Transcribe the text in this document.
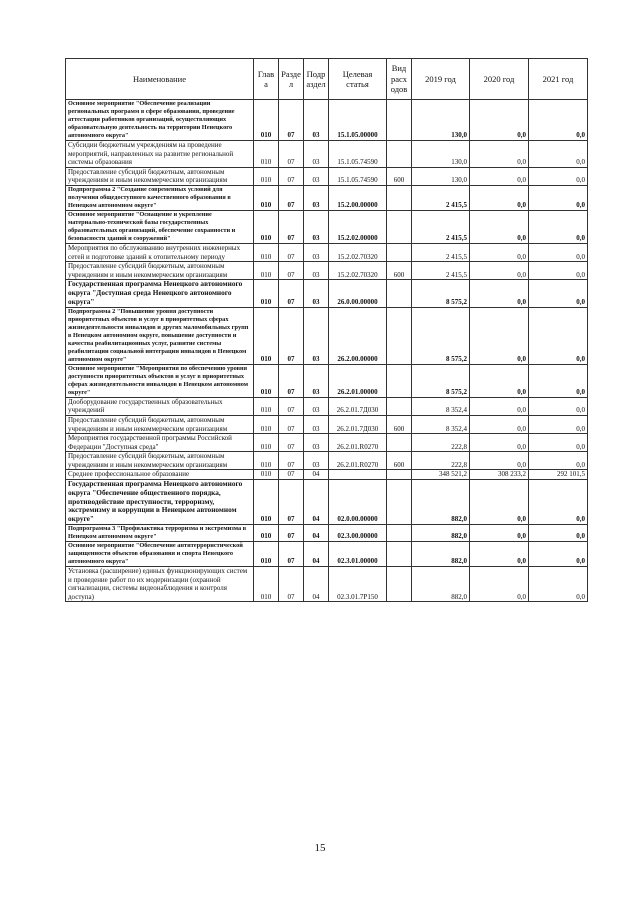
Наименование	Глав а	Разде л	Подр аздел	Целевая статья	Вид расх одов	2019 год	2020 год	2021 год
Основное мероприятие "Обеспечение реализации региональных программ в сфере образования, проведение аттестации работников организаций, осуществляющих образовательную деятельность на территории Ненецкого автономного округа"	010	07	03	15.1.05.00000		130,0	0,0	0,0
Субсидии бюджетным учреждениям на проведение мероприятий, направленных на развитие региональной системы образования	010	07	03	15.1.05.74590		130,0	0,0	0,0
Предоставление субсидий бюджетным, автономным учреждениям и иным некоммерческим организациям	010	07	03	15.1.05.74590	600	130,0	0,0	0,0
Подпрограмма 2 "Создание современных условий для получения общедоступного качественного образования в Ненецком автономном округе"	010	07	03	15.2.00.00000		2 415,5	0,0	0,0
Основное мероприятие "Оснащение и укрепление материально-технической базы государственных образовательных организаций, обеспечение сохранности и безопасности зданий и сооружений"	010	07	03	15.2.02.00000		2 415,5	0,0	0,0
Мероприятия по обслуживанию внутренних инженерных сетей и подготовке зданий к отопительному периоду	010	07	03	15.2.02.70320		2 415,5	0,0	0,0
Предоставление субсидий бюджетным, автономным учреждениям и иным некоммерческим организациям	010	07	03	15.2.02.70320	600	2 415,5	0,0	0,0
Государственная программа Ненецкого автономного округа "Доступная среда Ненецкого автономного округа"	010	07	03	26.0.00.00000		8 575,2	0,0	0,0
Подпрограмма 2 "Повышение уровня доступности приоритетных объектов и услуг в приоритетных сферах жизнедеятельности инвалидов и других маломобильных групп в Ненецком автономном округе, повышение доступности и качества реабилитационных услуг, развитие системы реабилитации социальной интеграции инвалидов в Ненецком автономном округе"	010	07	03	26.2.00.00000		8 575,2	0,0	0,0
Основное мероприятие "Мероприятия по обеспечению уровня доступности приоритетных объектов и услуг в приоритетных сферах жизнедеятельности инвалидов в Ненецком автономном округе"	010	07	03	26.2.01.00000		8 575,2	0,0	0,0
Дооборудование государственных образовательных учреждений	010	07	03	26.2.01.7Д030		8 352,4	0,0	0,0
Предоставление субсидий бюджетным, автономным учреждениям и иным некоммерческим организациям	010	07	03	26.2.01.7Д030	600	8 352,4	0,0	0,0
Мероприятия государственной программы Российской Федерации "Доступная среда"	010	07	03	26.2.01.R0270		222,8	0,0	0,0
Предоставление субсидий бюджетным, автономным учреждениям и иным некоммерческим организациям	010	07	03	26.2.01.R0270	600	222,8	0,0	0,0
Среднее профессиональное образование	010	07	04			348 521,2	308 233,2	292 101,5
Государственная программа Ненецкого автономного округа "Обеспечение общественного порядка, противодействие преступности, терроризму, экстремизму и коррупции в Ненецком автономном округе"	010	07	04	02.0.00.00000		882,0	0,0	0,0
Подпрограмма 3 "Профилактика терроризма и экстремизма в Ненецком автономном округе"	010	07	04	02.3.00.00000		882,0	0,0	0,0
Основное мероприятие "Обеспечение антитеррористической защищенности объектов образования и спорта Ненецкого автономного округа"	010	07	04	02.3.01.00000		882,0	0,0	0,0
Установка (расширение) единых функционирующих систем и проведение работ по их модернизации (охранной сигнализации, системы видеонаблюдения и контроля доступа)	010	07	04	02.3.01.7Р150		882,0	0,0	0,0
15
